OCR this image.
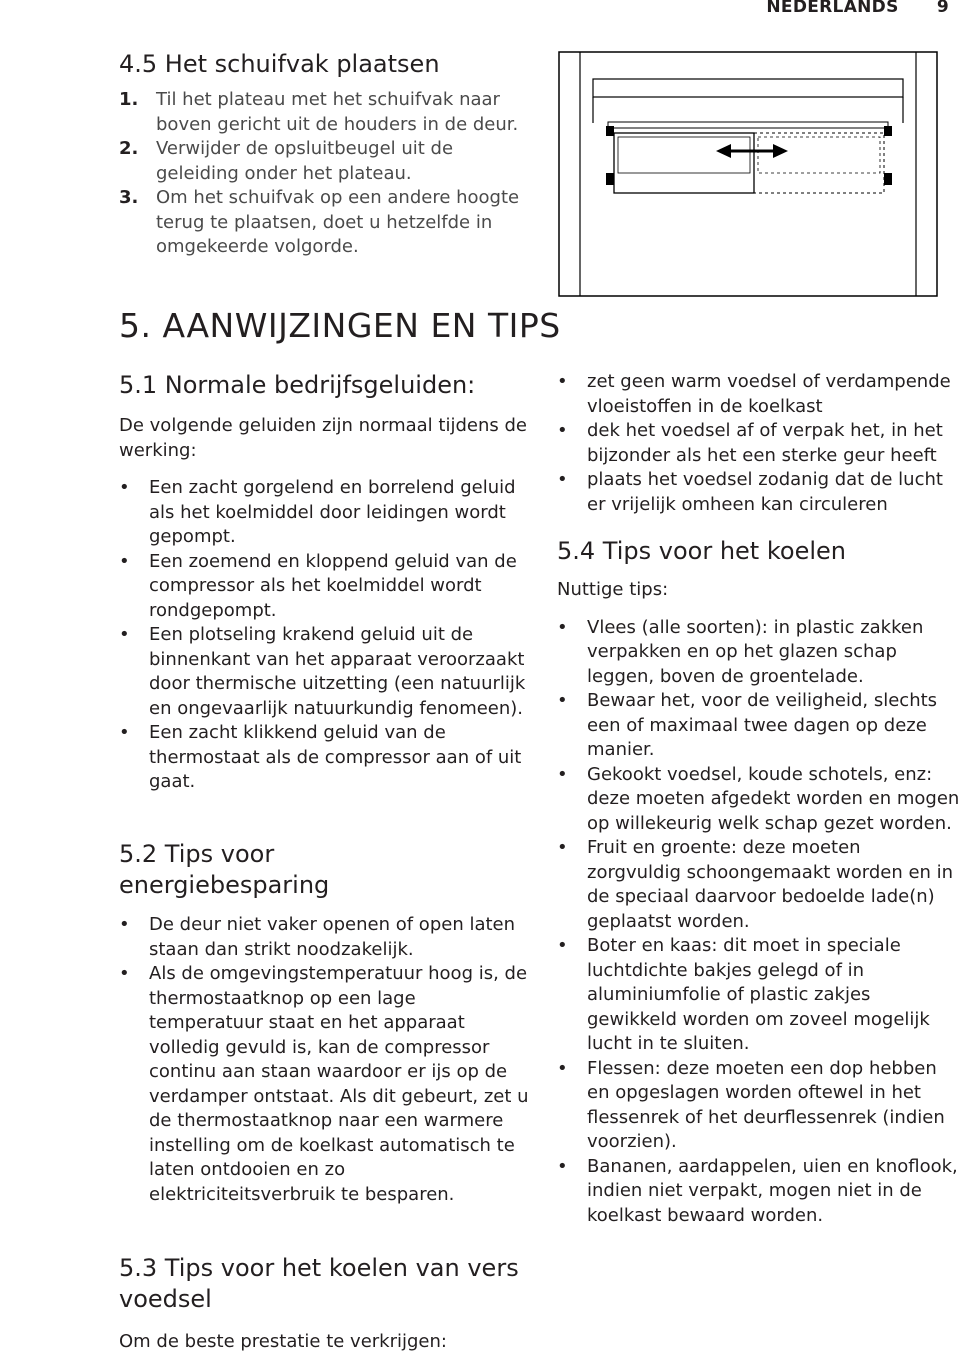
NEDERLANDS 9
4.5 Het schuifvak plaatsen
1. Til het plateau met het schuifvak naar boven gericht uit de houders in de deur.
2. Verwijder de opsluitbeugel uit de geleiding onder het plateau.
3. Om het schuifvak op een andere hoogte terug te plaatsen, doet u hetzelfde in omgekeerde volgorde.
5. AANWIJZINGEN EN TIPS
5.1 Normale bedrijfsgeluiden:

De volgende geluiden zijn normaal tijdens de werking:

• Een zacht gorgelend en borrelend geluid als het koelmiddel door leidingen wordt gepompt.
• Een zoemend en kloppend geluid van de compressor als het koelmiddel wordt rondgepompt.
• Een plotseling krakend geluid uit de binnenkant van het apparaat veroorzaakt door thermische uitzetting (een natuurlijk en ongevaarlijk natuurkundig fenomeen).
• Een zacht klikkend geluid van de thermostaat als de compressor aan of uit gaat.
5.2 Tips voor energiebesparing
• De deur niet vaker openen of open laten staan dan strikt noodzakelijk.
• Als de omgevingstemperatuur hoog is, de thermostaatknop op een lage temperatuur staat en het apparaat volledig gevuld is, kan de compressor continu aan staan waardoor er ijs op de verdamper ontstaat. Als dit gebeurt, zet u de thermostaatknop naar een warmere instelling om de koelkast automatisch te laten ontdooien en zo elektriciteitsverbruik te besparen.
5.3 Tips voor het koelen van vers voedsel

Om de beste prestatie te verkrijgen:

• zet geen warm voedsel of verdampende vloeistoffen in de koelkast
• dek het voedsel af of verpak het, in het bijzonder als het een sterke geur heeft
• plaats het voedsel zodanig dat de lucht er vrijelijk omheen kan circuleren
5.4 Tips voor het koelen

Nuttige tips:

• Vlees (alle soorten): in plastic zakken verpakken en op het glazen schap leggen, boven de groentelade.
• Bewaar het, voor de veiligheid, slechts een of maximaal twee dagen op deze manier.
• Gekookt voedsel, koude schotels, enz: deze moeten afgedekt worden en mogen op willekeurig welk schap gezet worden.
• Fruit en groente: deze moeten zorgvuldig schoongemaakt worden en in de speciaal daarvoor bedoelde lade(n) geplaatst worden.
• Boter en kaas: dit moet in speciale luchtdichte bakjes gelegd of in aluminiumfolie of plastic zakjes gewikkeld worden om zoveel mogelijk lucht in te sluiten.
• Flessen: deze moeten een dop hebben en opgeslagen worden oftewel in het flessenrek of het deurflessenrek (indien voorzien).
• Bananen, aardappelen, uien en knoflook, indien niet verpakt, mogen niet in de koelkast bewaard worden.
